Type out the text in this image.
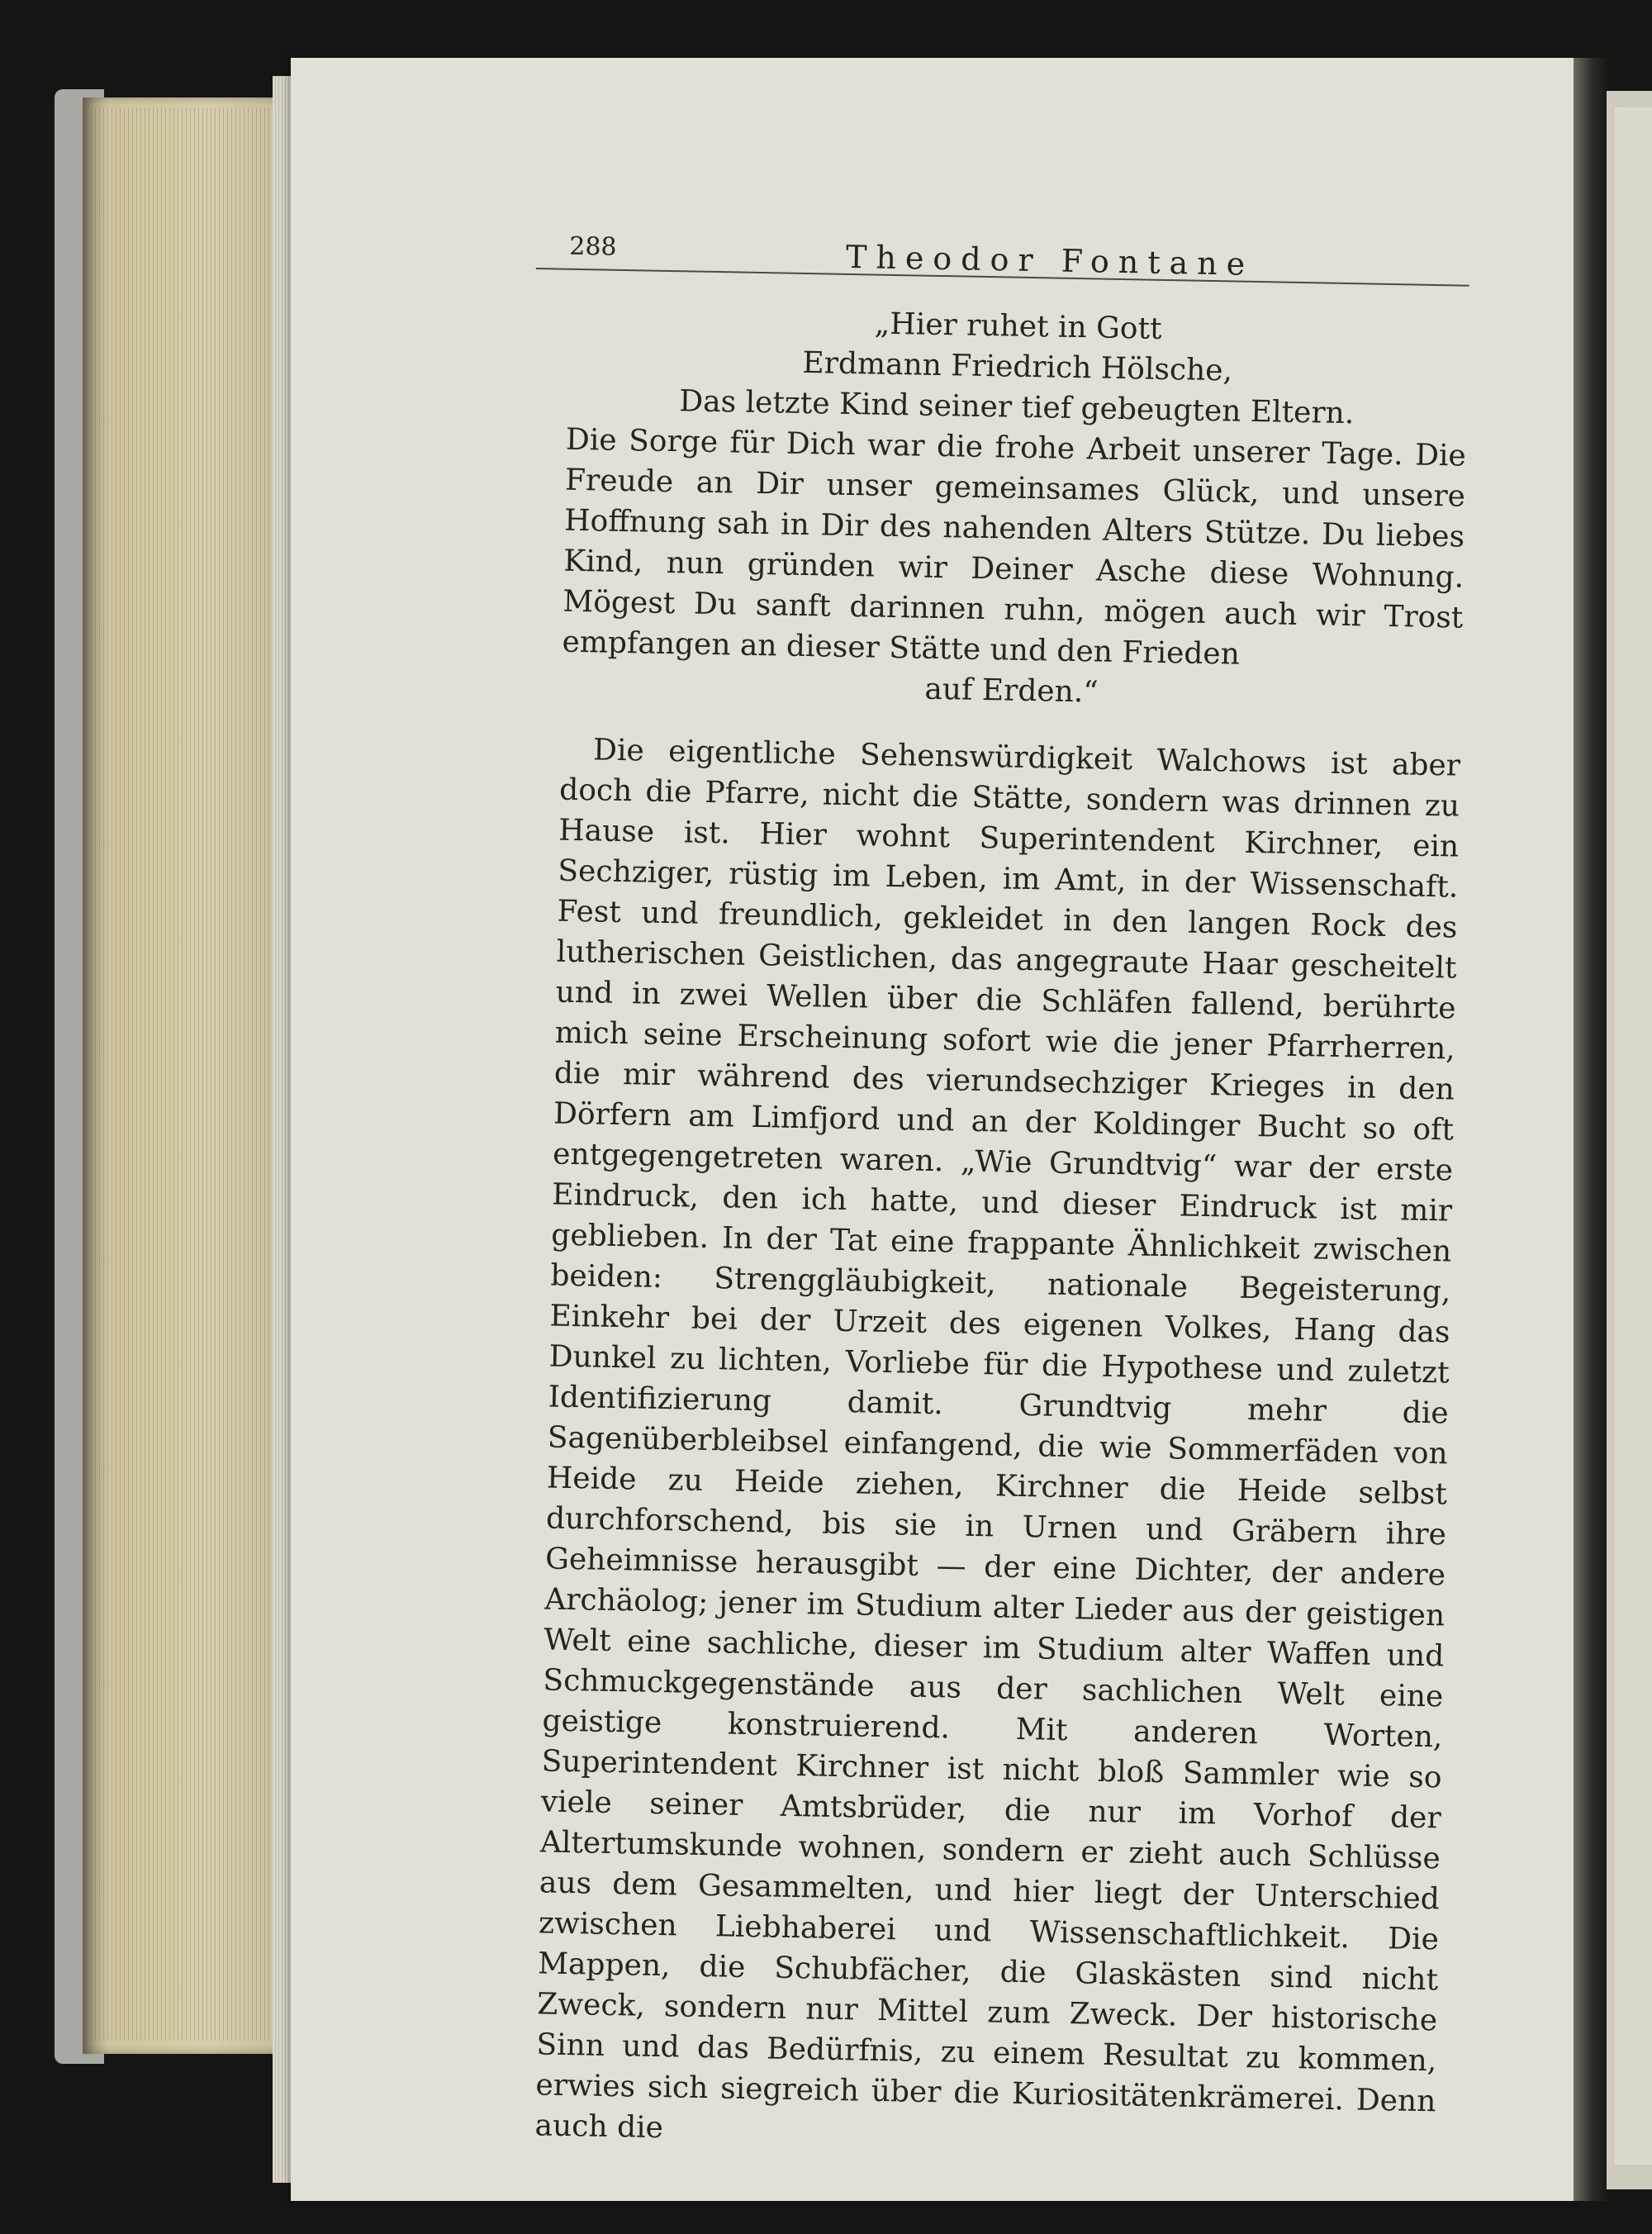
288	Theodor Fontane
„Hier ruhet in Gott
Erdmann Friedrich Hölsche,
Das letzte Kind seiner tief gebeugten Eltern.

Die Sorge für Dich war die frohe Arbeit unserer Tage. Die Freude an Dir unser gemeinsames Glück, und unsere Hoffnung sah in Dir des nahenden Alters Stütze. Du liebes Kind, nun gründen wir Deiner Asche diese Wohnung. Mögest Du sanft darinnen ruhn, mögen auch wir Trost empfangen an dieser Stätte und den Frieden

auf Erden.“

Die eigentliche Sehenswürdigkeit Walchows ist aber doch die Pfarre, nicht die Stätte, sondern was drinnen zu Hause ist. Hier wohnt Superintendent Kirchner, ein Sechziger, rüstig im Leben, im Amt, in der Wissenschaft. Fest und freundlich, gekleidet in den langen Rock des lutherischen Geistlichen, das angegraute Haar gescheitelt und in zwei Wellen über die Schläfen fallend, berührte mich seine Erscheinung sofort wie die jener Pfarrherren, die mir während des vierundsechziger Krieges in den Dörfern am Limfjord und an der Koldinger Bucht so oft entgegengetreten waren. „Wie Grundtvig“ war der erste Eindruck, den ich hatte, und dieser Eindruck ist mir geblieben. In der Tat eine frappante Ähnlichkeit zwischen beiden: Strenggläubigkeit, nationale Begeisterung, Einkehr bei der Urzeit des eigenen Volkes, Hang das Dunkel zu lichten, Vorliebe für die Hypothese und zuletzt Identifizierung damit. Grundtvig mehr die Sagenüberbleibsel einfangend, die wie Sommerfäden von Heide zu Heide ziehen, Kirchner die Heide selbst durchforschend, bis sie in Urnen und Gräbern ihre Geheimnisse herausgibt — der eine Dichter, der andere Archäolog; jener im Studium alter Lieder aus der geistigen Welt eine sachliche, dieser im Studium alter Waffen und Schmuckgegenstände aus der sachlichen Welt eine geistige konstruierend. Mit anderen Worten, Superintendent Kirchner ist nicht bloß Sammler wie so viele seiner Amtsbrüder, die nur im Vorhof der Altertumskunde wohnen, sondern er zieht auch Schlüsse aus dem Gesammelten, und hier liegt der Unterschied zwischen Liebhaberei und Wissenschaftlichkeit. Die Mappen, die Schubfächer, die Glaskästen sind nicht Zweck, sondern nur Mittel zum Zweck. Der historische Sinn und das Bedürfnis, zu einem Resultat zu kommen, erwies sich siegreich über die Kuriositätenkrämerei. Denn auch die
